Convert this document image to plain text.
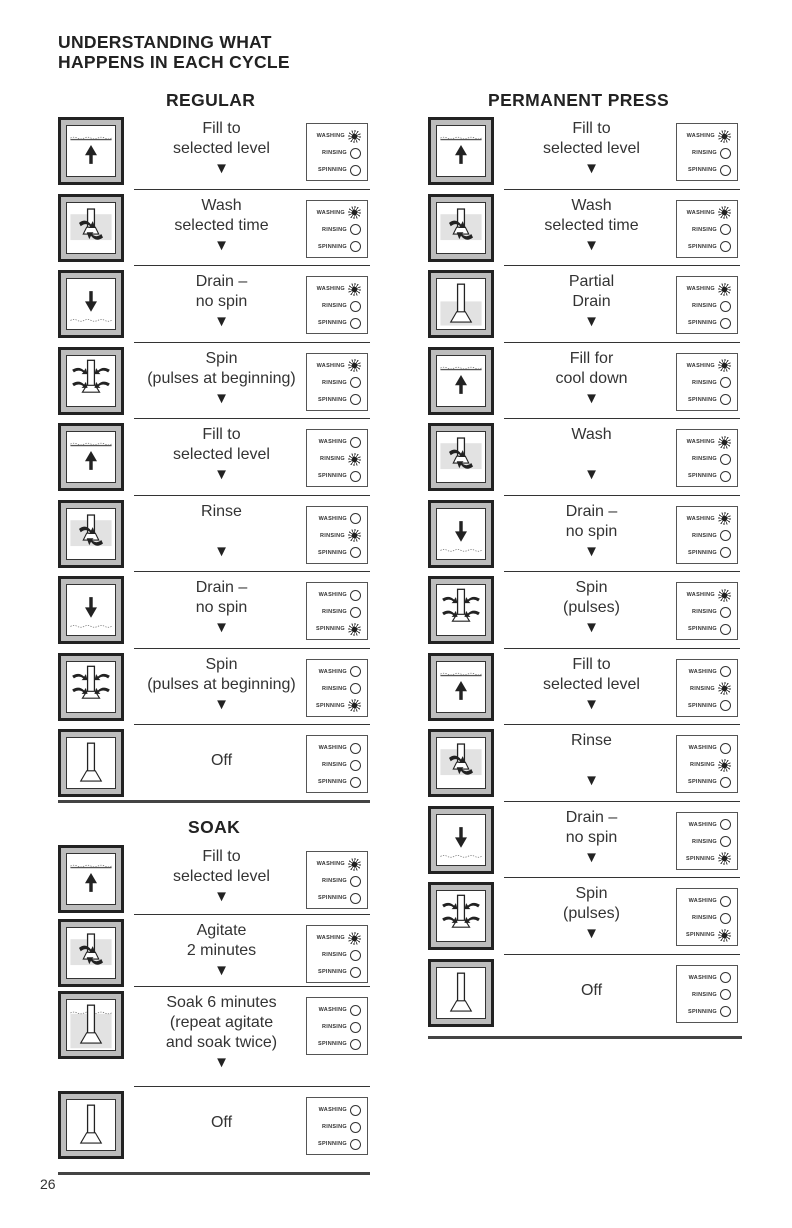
UNDERSTANDING WHAT
HAPPENS IN EACH CYCLE
REGULAR
Fill to
selected level
▼
WASHING
RINSING
SPINNING
Wash
selected time
▼
WASHING
RINSING
SPINNING
Drain –
no spin
▼
WASHING
RINSING
SPINNING
Spin
(pulses at beginning)
▼
WASHING
RINSING
SPINNING
Fill to
selected level
▼
WASHING
RINSING
SPINNING
Rinse

▼
WASHING
RINSING
SPINNING
Drain –
no spin
▼
WASHING
RINSING
SPINNING
Spin
(pulses at beginning)
▼
WASHING
RINSING
SPINNING

Off
WASHING
RINSING
SPINNING
SOAK
Fill to
selected level
▼
WASHING
RINSING
SPINNING
Agitate
2 minutes
▼
WASHING
RINSING
SPINNING
Soak 6 minutes
(repeat agitate
and soak twice)
▼
WASHING
RINSING
SPINNING

Off
WASHING
RINSING
SPINNING
PERMANENT PRESS
Fill to
selected level
▼
WASHING
RINSING
SPINNING
Wash
selected time
▼
WASHING
RINSING
SPINNING
Partial
Drain
▼
WASHING
RINSING
SPINNING
Fill for
cool down
▼
WASHING
RINSING
SPINNING
Wash

▼
WASHING
RINSING
SPINNING
Drain –
no spin
▼
WASHING
RINSING
SPINNING
Spin
(pulses)
▼
WASHING
RINSING
SPINNING
Fill to
selected level
▼
WASHING
RINSING
SPINNING
Rinse

▼
WASHING
RINSING
SPINNING
Drain –
no spin
▼
WASHING
RINSING
SPINNING
Spin
(pulses)
▼
WASHING
RINSING
SPINNING

Off
WASHING
RINSING
SPINNING
26
